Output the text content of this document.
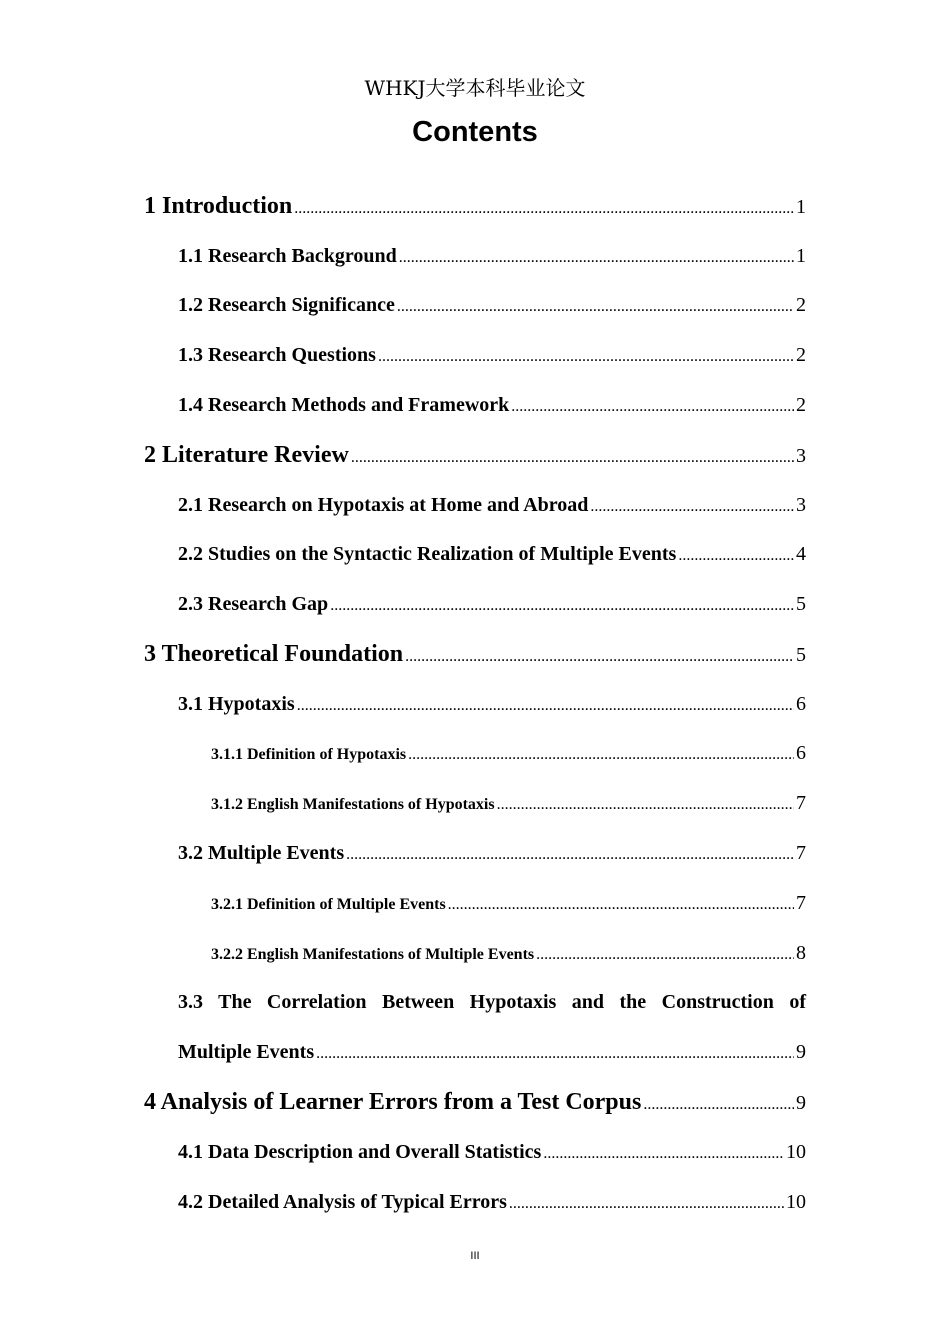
WHKJ大学本科毕业论文
Contents
1 Introduction .....	1
1.1 Research Background .....	1
1.2 Research Significance .....	2
1.3 Research Questions .....	2
1.4 Research Methods and Framework .....	2
2 Literature Review .....	3
2.1 Research on Hypotaxis at Home and Abroad .....	3
2.2 Studies on the Syntactic Realization of Multiple Events .....	4
2.3 Research Gap .....	5
3 Theoretical Foundation .....	5
3.1 Hypotaxis .....	6
3.1.1 Definition of Hypotaxis .....	6
3.1.2 English Manifestations of Hypotaxis .....	7
3.2 Multiple Events .....	7
3.2.1 Definition of Multiple Events .....	7
3.2.2 English Manifestations of Multiple Events .....	8
3.3 The Correlation Between Hypotaxis and the Construction of
Multiple Events .....	9
4 Analysis of Learner Errors from a Test Corpus .....	9
4.1 Data Description and Overall Statistics .....	10
4.2 Detailed Analysis of Typical Errors .....	10
III
